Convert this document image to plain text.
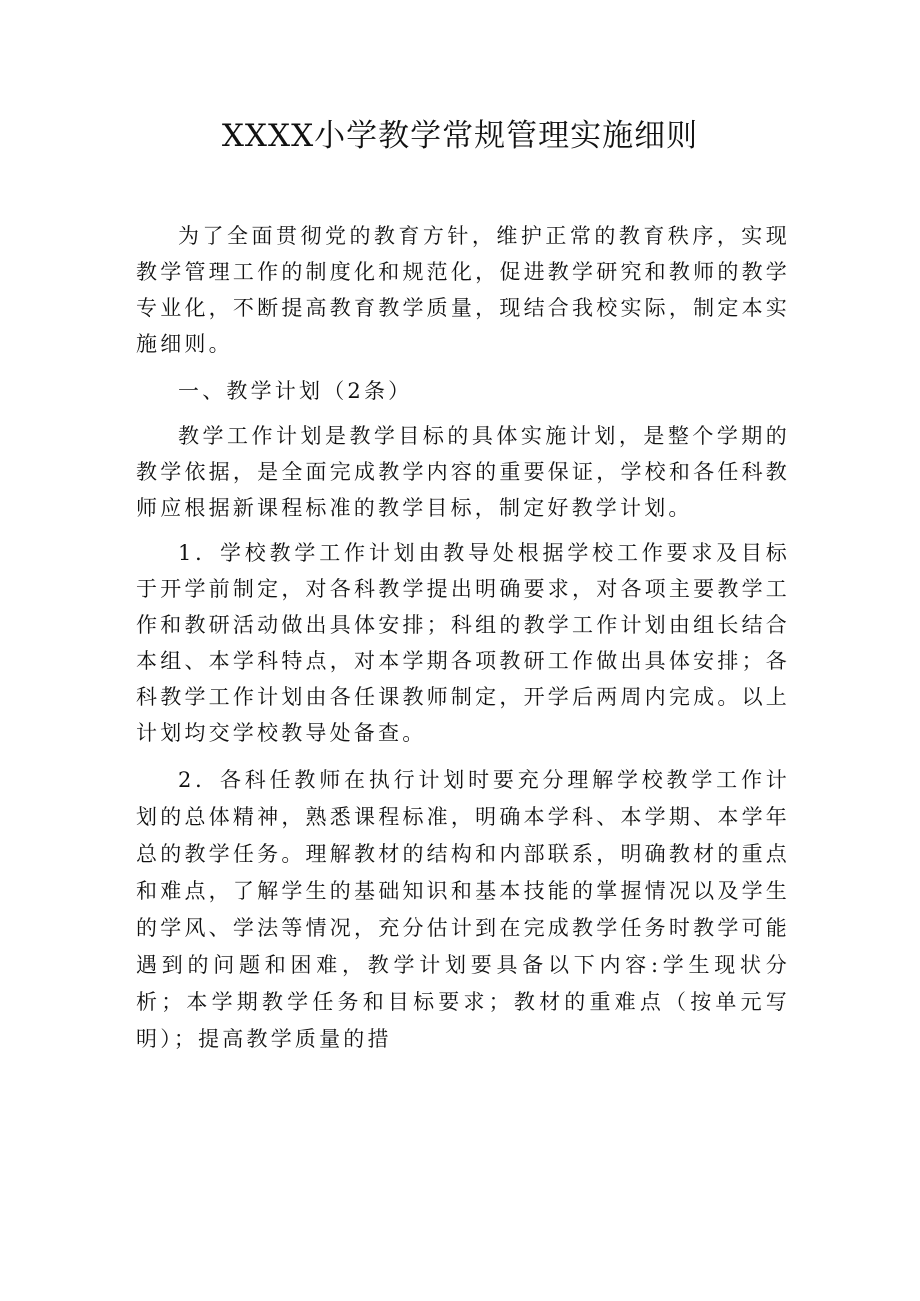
XXXX小学教学常规管理实施细则

为了全面贯彻党的教育方针，维护正常的教育秩序，实现教学管理工作的制度化和规范化，促进教学研究和教师的教学专业化，不断提高教育教学质量，现结合我校实际，制定本实施细则。

一、教学计划（2条）

教学工作计划是教学目标的具体实施计划，是整个学期的教学依据，是全面完成教学内容的重要保证，学校和各任科教师应根据新课程标准的教学目标，制定好教学计划。

1．学校教学工作计划由教导处根据学校工作要求及目标于开学前制定，对各科教学提出明确要求，对各项主要教学工作和教研活动做出具体安排；科组的教学工作计划由组长结合本组、本学科特点，对本学期各项教研工作做出具体安排；各科教学工作计划由各任课教师制定，开学后两周内完成。以上计划均交学校教导处备查。

2．各科任教师在执行计划时要充分理解学校教学工作计划的总体精神，熟悉课程标准，明确本学科、本学期、本学年总的教学任务。理解教材的结构和内部联系，明确教材的重点和难点，了解学生的基础知识和基本技能的掌握情况以及学生的学风、学法等情况，充分估计到在完成教学任务时教学可能遇到的问题和困难，教学计划要具备以下内容:学生现状分析；本学期教学任务和目标要求；教材的重难点（按单元写明）；提高教学质量的措
